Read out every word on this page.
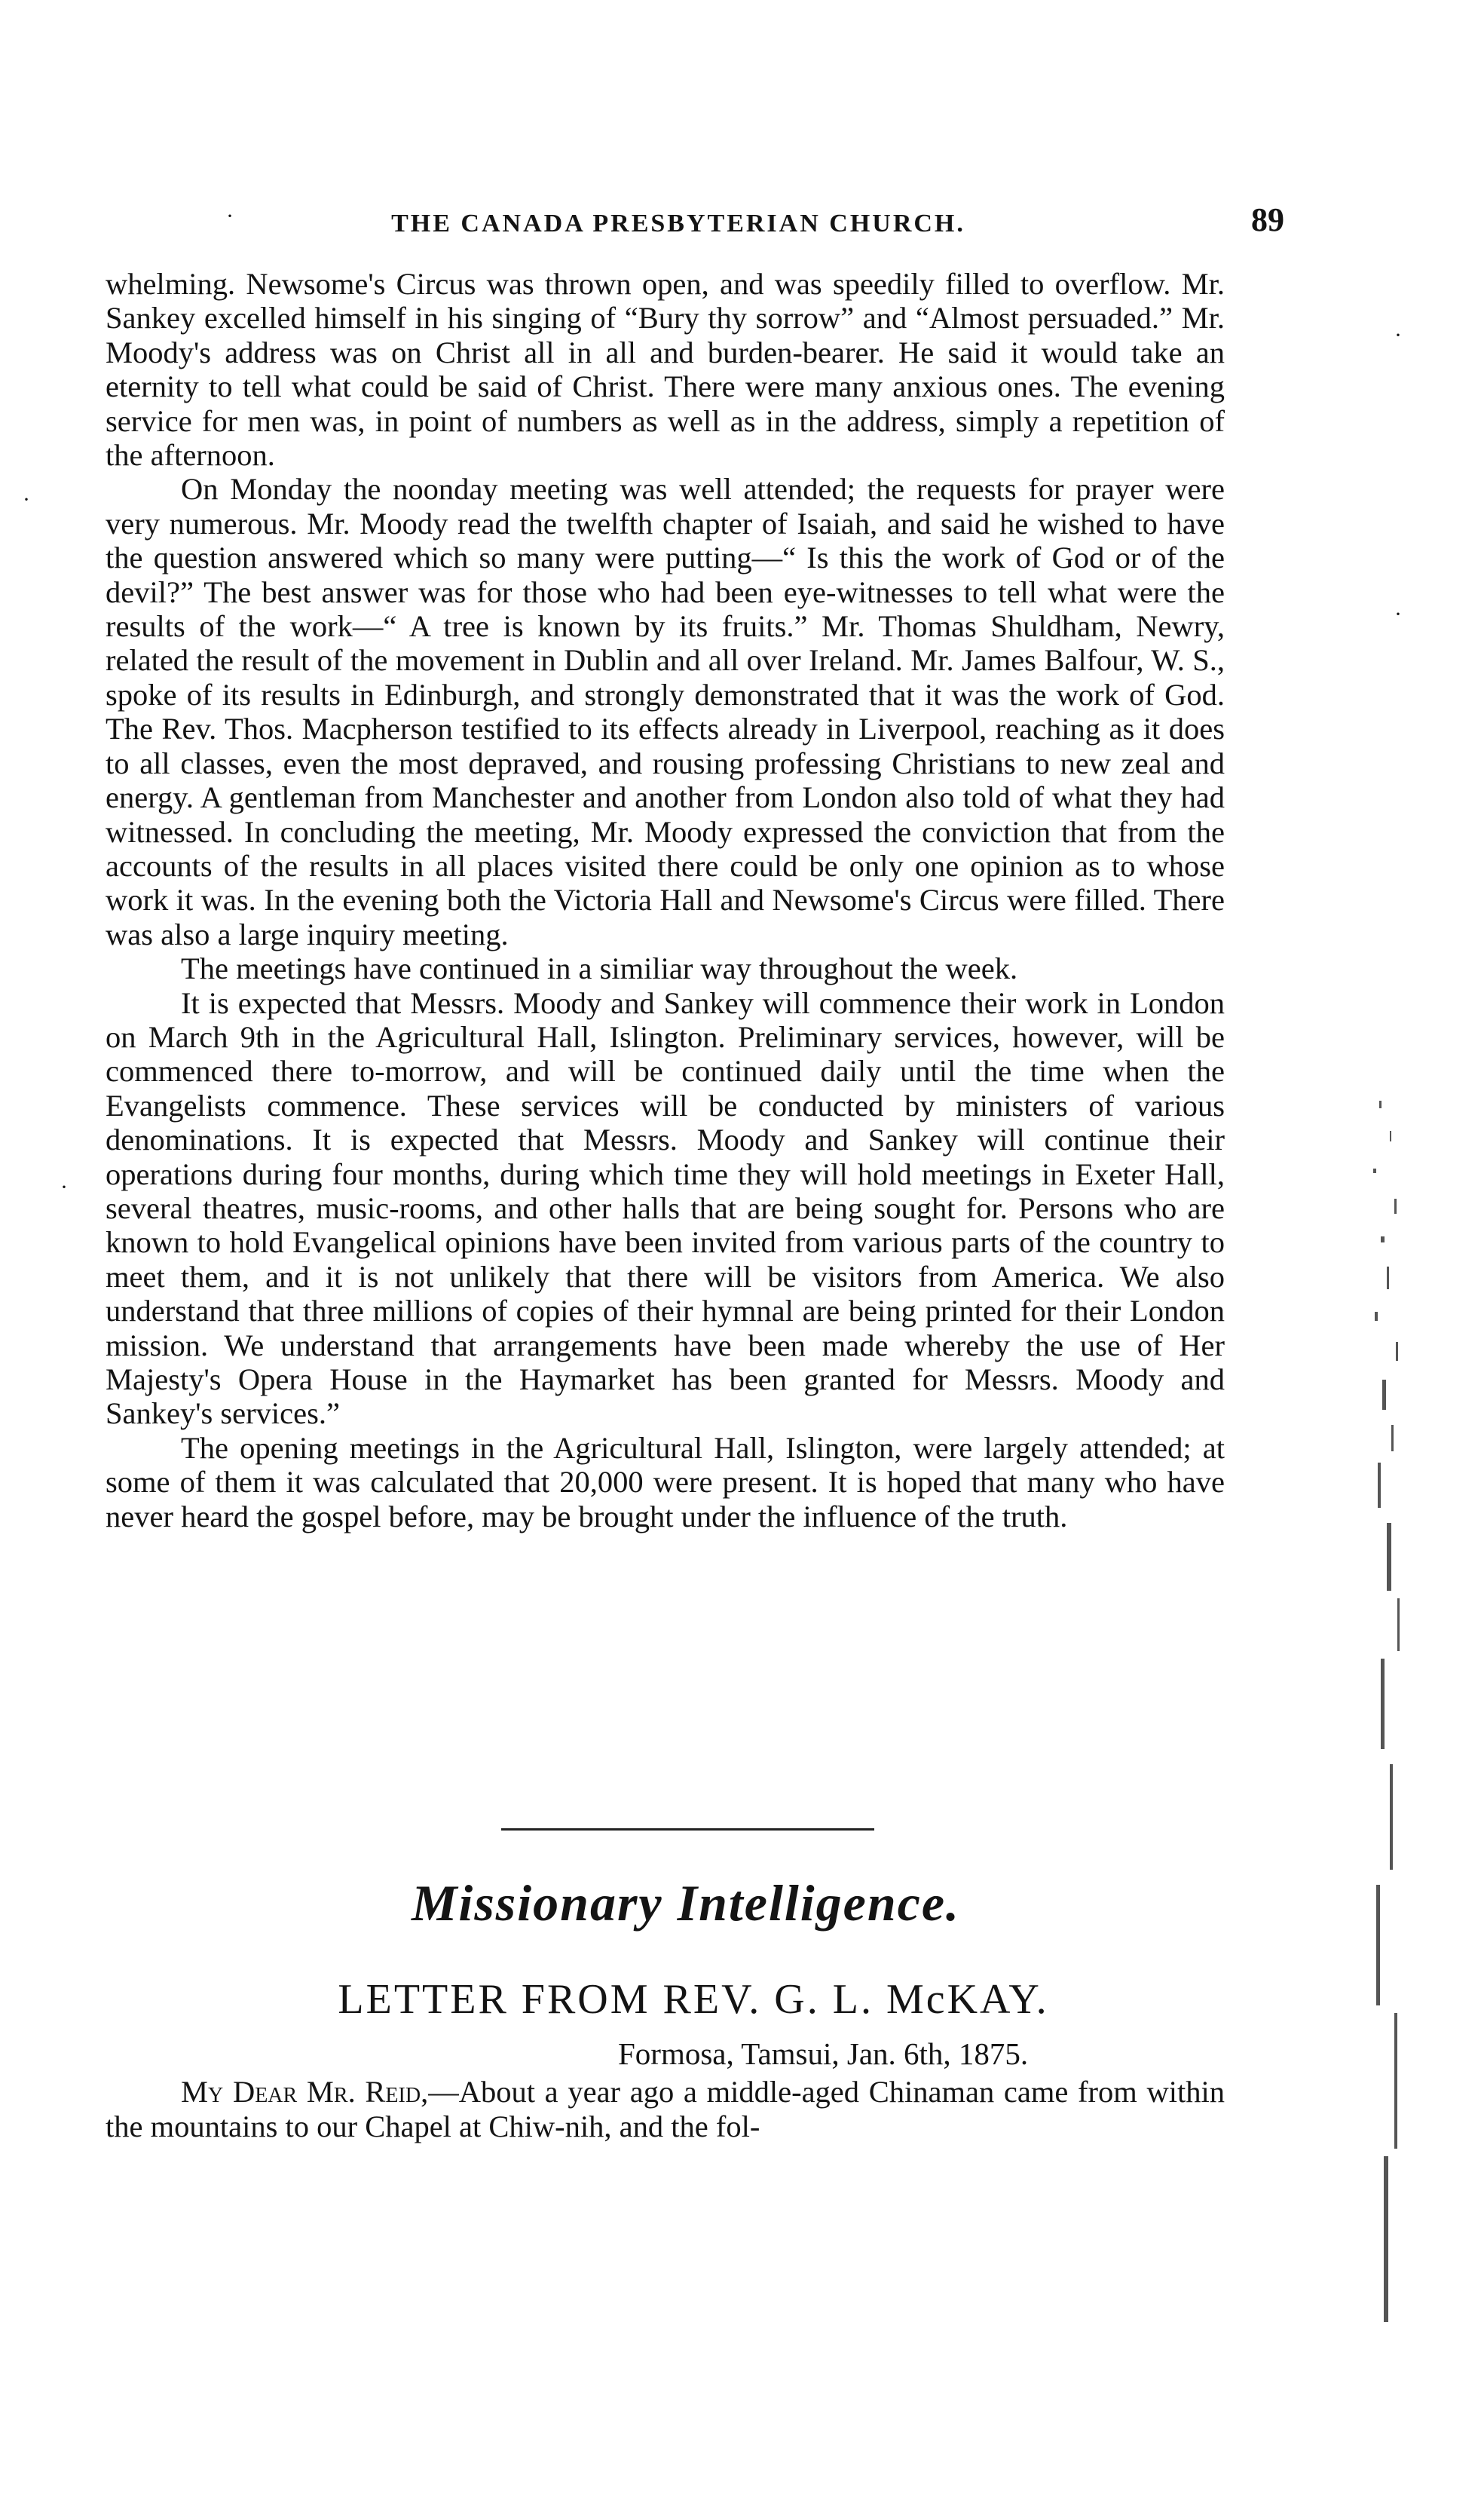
THE CANADA PRESBYTERIAN CHURCH.	89
·
·
·
·
·

whelming. Newsome's Circus was thrown open, and was speedily filled to overflow. Mr. Sankey excelled himself in his singing of “Bury thy sorrow” and “Almost persuaded.” Mr. Moody's address was on Christ all in all and burden-bearer. He said it would take an eternity to tell what could be said of Christ. There were many anxious ones. The evening service for men was, in point of numbers as well as in the address, simply a repetition of the afternoon.

On Monday the noonday meeting was well attended; the requests for prayer were very numerous. Mr. Moody read the twelfth chapter of Isaiah, and said he wished to have the question answered which so many were putting—“ Is this the work of God or of the devil?” The best answer was for those who had been eye-witnesses to tell what were the results of the work—“ A tree is known by its fruits.” Mr. Thomas Shuldham, Newry, related the result of the movement in Dublin and all over Ireland. Mr. James Balfour, W. S., spoke of its results in Edinburgh, and strongly demonstrated that it was the work of God. The Rev. Thos. Macpherson testified to its effects already in Liverpool, reaching as it does to all classes, even the most depraved, and rousing professing Christians to new zeal and energy. A gentleman from Manchester and another from London also told of what they had witnessed. In concluding the meeting, Mr. Moody expressed the conviction that from the accounts of the results in all places visited there could be only one opinion as to whose work it was. In the evening both the Victoria Hall and Newsome's Circus were filled. There was also a large inquiry meeting.

The meetings have continued in a similiar way throughout the week.

It is expected that Messrs. Moody and Sankey will commence their work in London on March 9th in the Agricultural Hall, Islington. Preliminary services, however, will be commenced there to-morrow, and will be continued daily until the time when the Evangelists commence. These services will be conducted by ministers of various denominations. It is expected that Messrs. Moody and Sankey will continue their operations during four months, during which time they will hold meetings in Exeter Hall, several theatres, music-rooms, and other halls that are being sought for. Persons who are known to hold Evangelical opinions have been invited from various parts of the country to meet them, and it is not unlikely that there will be visitors from America. We also understand that three millions of copies of their hymnal are being printed for their London mission. We understand that arrangements have been made whereby the use of Her Majesty's Opera House in the Haymarket has been granted for Messrs. Moody and Sankey's services.”

The opening meetings in the Agricultural Hall, Islington, were largely attended; at some of them it was calculated that 20,000 were present. It is hoped that many who have never heard the gospel before, may be brought under the influence of the truth.

Missionary Intelligence.
LETTER FROM REV. G. L. McKAY.
Formosa, Tamsui, Jan. 6th, 1875.

My Dear Mr. Reid,—About a year ago a middle-aged Chinaman came from within the mountains to our Chapel at Chiw-nih, and the fol-
